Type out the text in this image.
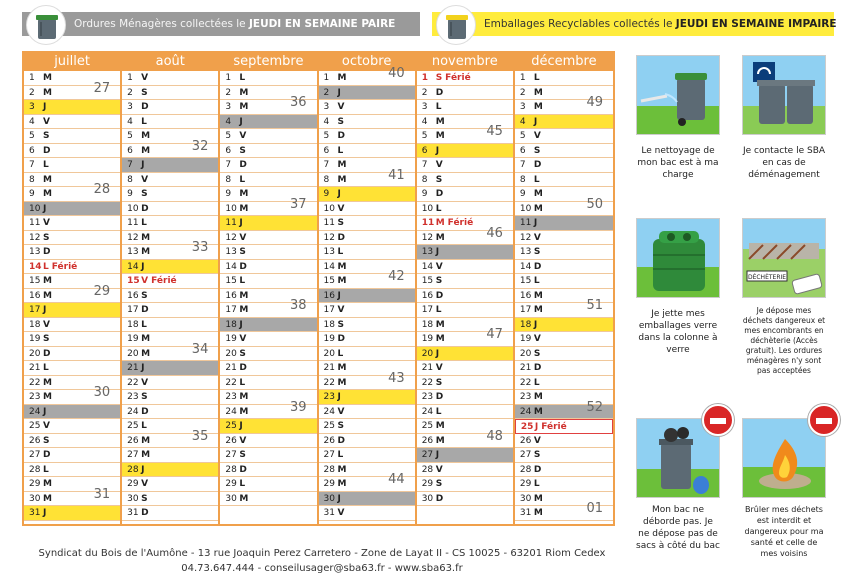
Ordures Ménagères collectées le JEUDI EN SEMAINE PAIRE	Emballages Recyclables collectés le JEUDI EN SEMAINE IMPAIRE
juillet
1 M
2 M	27
3 J
4 V
5 S
6 D
7 L
8 M
9 M	28
10 J
11 V
12 S
13 D
14L Férié
15 M
16 M	29
17 J
18 V
19 S
20 D
21 L
22 M
23 M	30
24 J
25 V
26 S
27 D
28 L
29 M
30 M	31
31 J
août
1 V
2 S
3 D
4 L
5 M
6 M	32
7 J
8 V
9 S
10 D
11 L
12 M
13 M	33
14 J
15V Férié
16 S
17 D
18 L
19 M
20 M	34
21 J
22 V
23 S
24 D
25 L
26 M	35
27 M
28 J
29 V
30 S
31 D
septembre
1 L
2 M
3 M	36
4 J
5 V
6 S
7 D
8 L
9 M
10 M	37
11 J
12 V
13 S
14 D
15 L
16 M
17 M	38
18 J
19 V
20 S
21 D
22 L
23 M
24 M	39
25 J
26 V
27 S
28 D
29 L
30 M
octobre
1 M	40
2 J
3 V
4 S
5 D
6 L
7 M
8 M	41
9 J
10 V
11 S
12 D
13 L
14 M
15 M	42
16 J
17 V
18 S
19 D
20 L
21 M
22 M	43
23 J
24 V
25 S
26 D
27 L
28 M
29 M	44
30 J
31 V
novembre
1 S Férié
2 D
3 L
4 M
5 M	45
6 J
7 V
8 S
9 D
10 L
11M Férié
12 M	46
13 J
14 V
15 S
16 D
17 L
18 M
19 M	47
20 J
21 V
22 S
23 D
24 L
25 M
26 M	48
27 J
28 V
29 S
30 D
décembre
1 L
2 M
3 M	49
4 J
5 V
6 S
7 D
8 L
9 M
10 M	50
11 J
12 V
13 S
14 D
15 L
16 M
17 M	51
18 J
19 V
20 S
21 D
22 L
23 M
24 M	52
25J Férié
26 V
27 S
28 D
29 L
30 M
31 M	01
Le nettoyage de mon bac est à ma charge
Je contacte le SBA en cas de déménagement
Je jette mes emballages verre dans la colonne à verre
DÉCHÈTERIE
Je dépose mes déchets dangereux et mes encombrants en déchèterie (Accès gratuit). Les ordures ménagères n'y sont pas acceptées
Mon bac ne déborde pas. Je ne dépose pas de sacs à côté du bac
Brûler mes déchets est interdit et dangereux pour ma santé et celle de mes voisins
Syndicat du Bois de l'Aumône - 13 rue Joaquin Perez Carretero - Zone de Layat II - CS 10025 - 63201 Riom Cedex
04.73.647.444 - conseilusager@sba63.fr - www.sba63.fr
